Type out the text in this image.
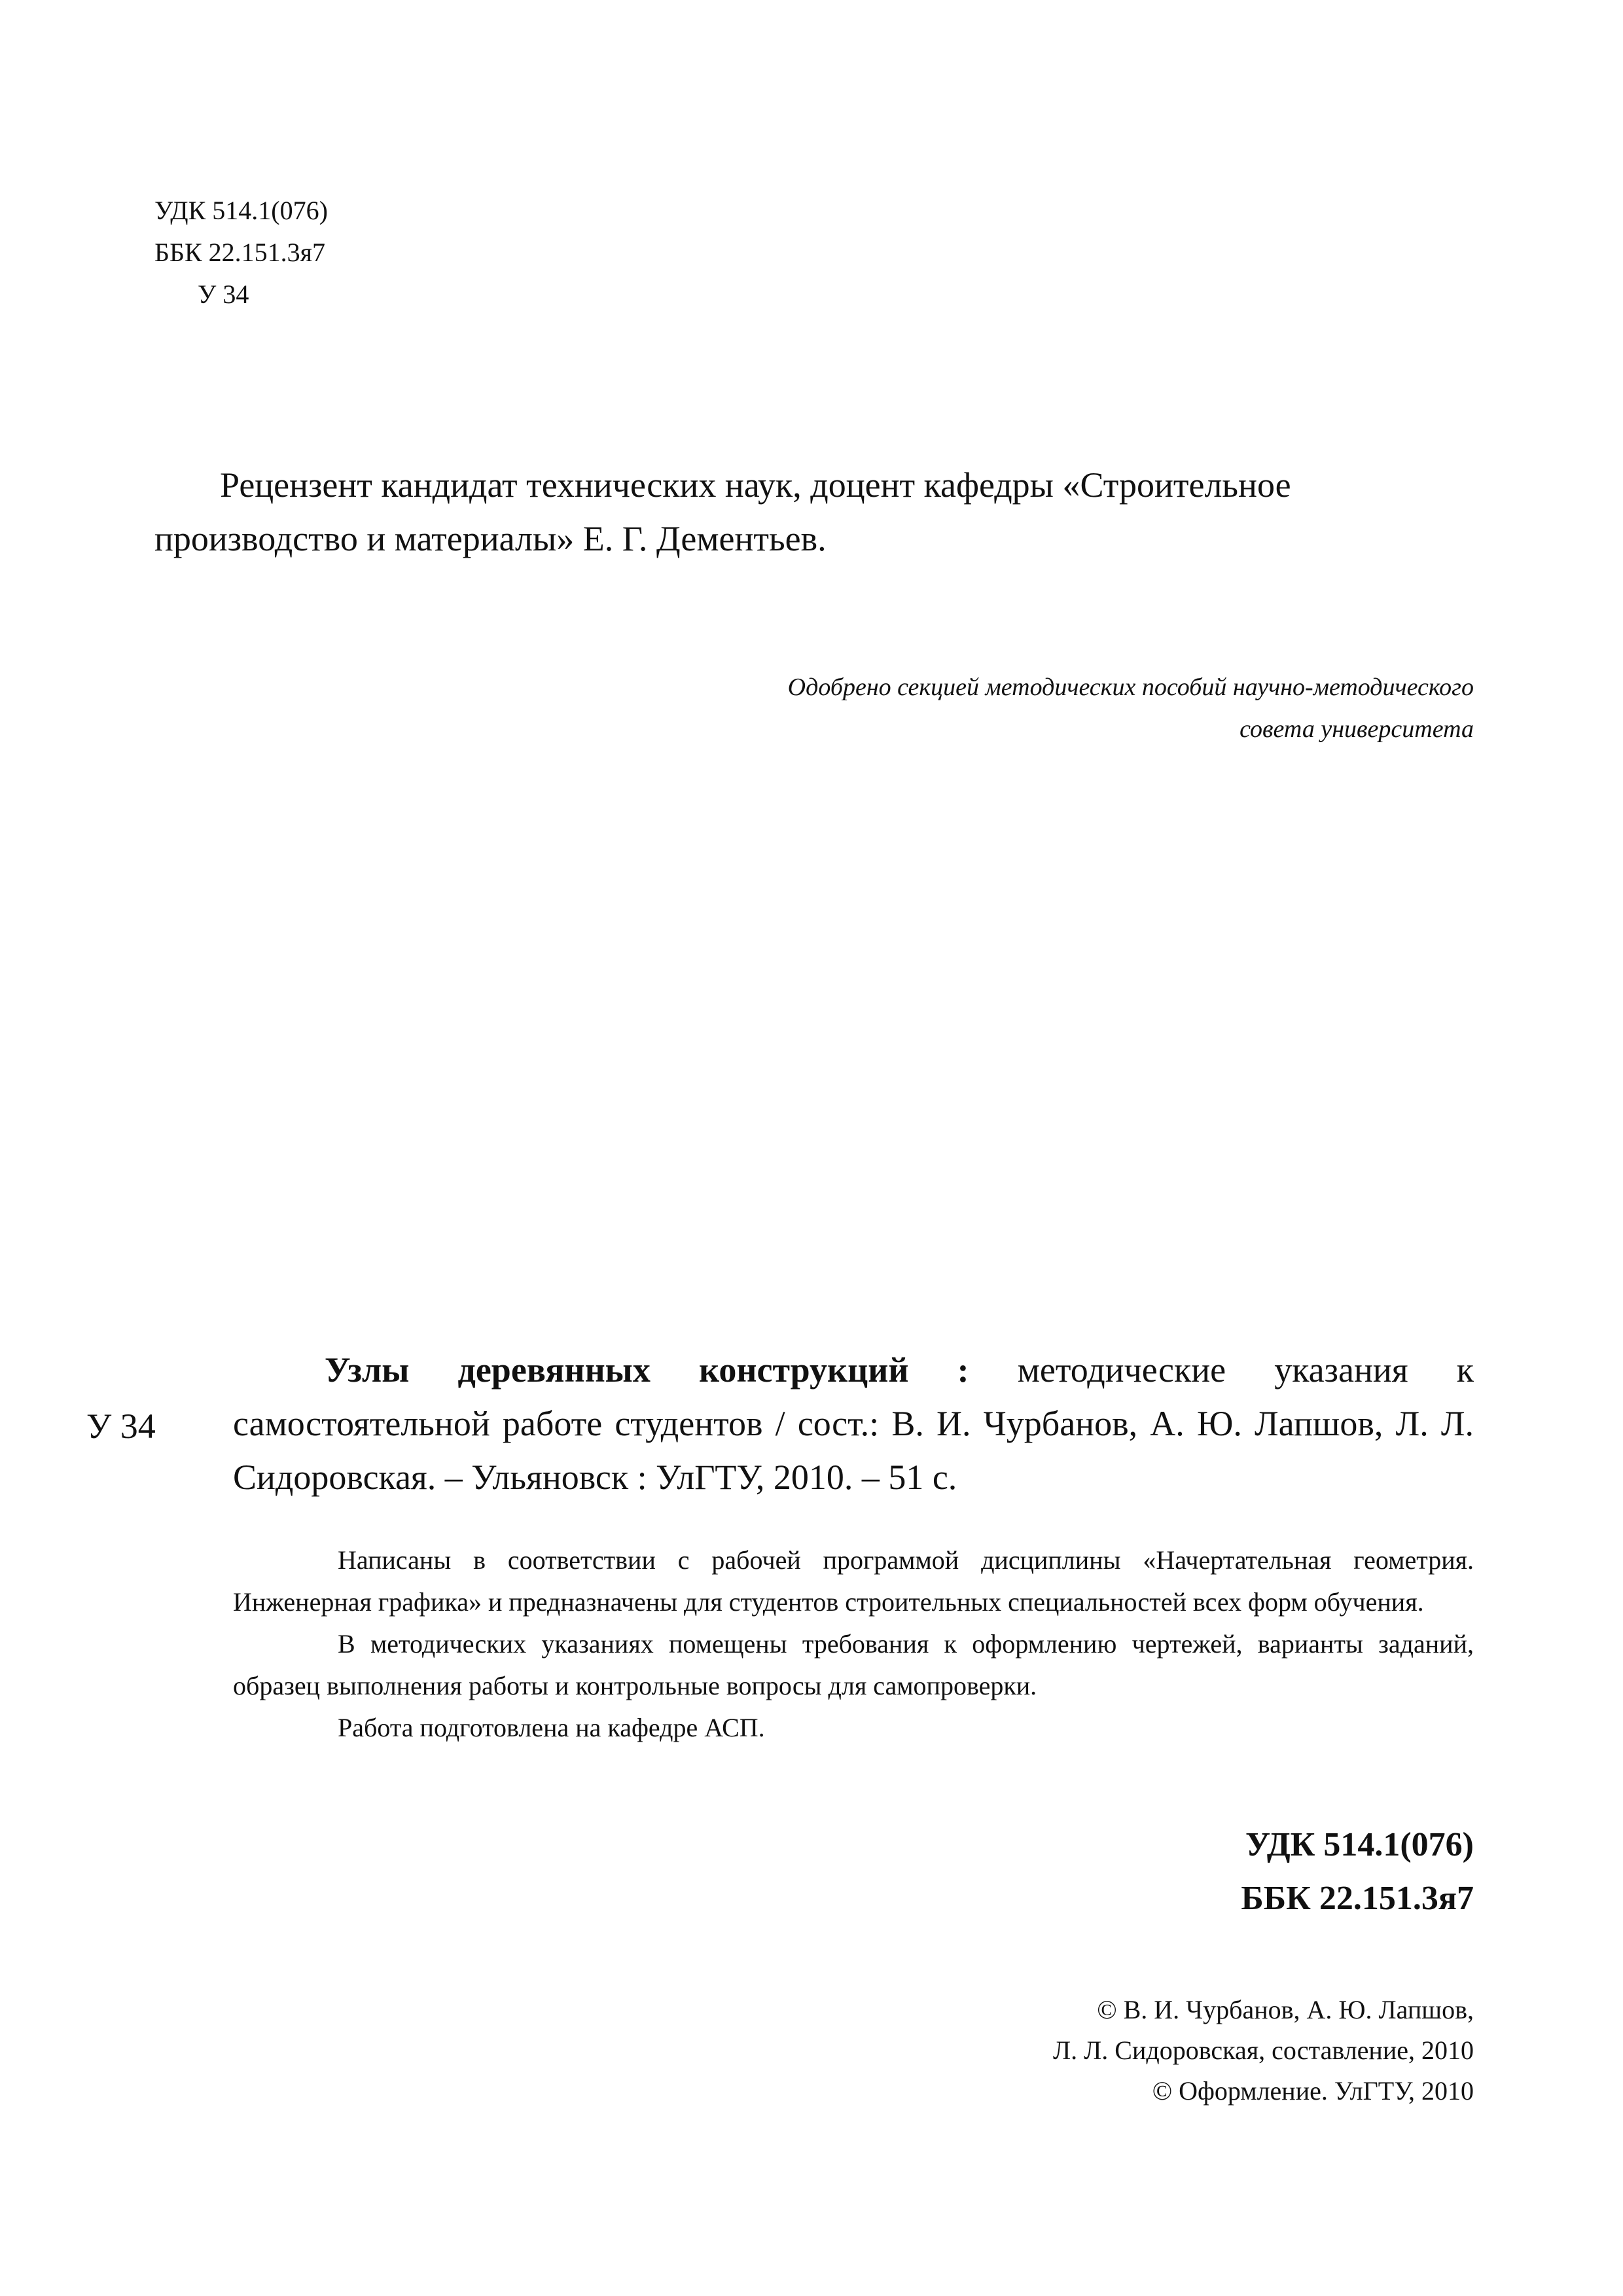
УДК 514.1(076)
ББК 22.151.3я7
У 34
Рецензент кандидат технических наук, доцент кафедры «Строительное производство и материалы» Е. Г. Дементьев.
Одобрено секцией методических пособий научно-методического
совета университета
У 34

Узлы деревянных конструкций : методические указания к самостоятельной работе студентов / сост.: В. И. Чурбанов, А. Ю. Лапшов, Л. Л. Сидоровская. – Ульяновск : УлГТУ, 2010. – 51 с.

Написаны в соответствии с рабочей программой дисциплины «Начертательная геометрия. Инженерная графика» и предназначены для студентов строительных специальностей всех форм обучения.

В методических указаниях помещены требования к оформлению чертежей, варианты заданий, образец выполнения работы и контрольные вопросы для самопроверки.

Работа подготовлена на кафедре АСП.

УДК 514.1(076)
ББК 22.151.3я7
© В. И. Чурбанов, А. Ю. Лапшов,
Л. Л. Сидоровская, составление, 2010
© Оформление. УлГТУ, 2010
